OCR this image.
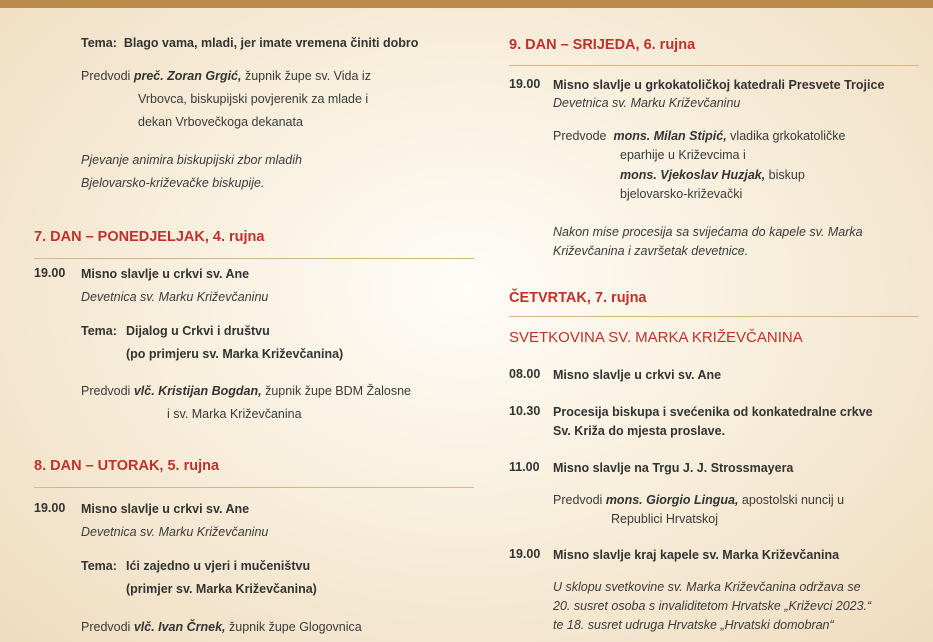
Tema: Blago vama, mladi, jer imate vremena činiti dobro
Predvodi preč. Zoran Grgić, župnik župe sv. Vida iz
Vrbovca, biskupijski povjerenik za mlade i
dekan Vrbovečkoga dekanata
Pjevanje animira biskupijski zbor mladih
Bjelovarsko-križevačke biskupije.
7. DAN – PONEDJELJAK, 4. rujna
19.00 Misno slavlje u crkvi sv. Ane
Devetnica sv. Marku Križevčaninu
Tema: Dijalog u Crkvi i društvu
(po primjeru sv. Marka Križevčanina)
Predvodi vlč. Kristijan Bogdan, župnik župe BDM Žalosne
i sv. Marka Križevčanina
8. DAN – UTORAK, 5. rujna
19.00 Misno slavlje u crkvi sv. Ane
Devetnica sv. Marku Križevčaninu
Tema: Ići zajedno u vjeri i mučeništvu
(primjer sv. Marka Križevčanina)
Predvodi vlč. Ivan Črnek, župnik župe Glogovnica
9. DAN – SRIJEDA, 6. rujna
19.00 Misno slavlje u grkokatoličkoj katedrali Presvete Trojice
Devetnica sv. Marku Križevčaninu
Predvode  mons. Milan Stipić, vladika grkokatoličke
eparhije u Križevcima i
mons. Vjekoslav Huzjak, biskup
bjelovarsko-križevački
Nakon mise procesija sa svijećama do kapele sv. Marka
Križevčanina i završetak devetnice.
ČETVRTAK, 7. rujna
SVETKOVINA SV. MARKA KRIŽEVČANINA
08.00 Misno slavlje u crkvi sv. Ane
10.30 Procesija biskupa i svećenika od konkatedralne crkve
Sv. Križa do mjesta proslave.
11.00 Misno slavlje na Trgu J. J. Strossmayera
Predvodi mons. Giorgio Lingua, apostolski nuncij u
Republici Hrvatskoj
19.00 Misno slavlje kraj kapele sv. Marka Križevčanina
U sklopu svetkovine sv. Marka Križevčanina održava se
20. susret osoba s invaliditetom Hrvatske „Križevci 2023.“
te 18. susret udruga Hrvatske „Hrvatski domobran“
